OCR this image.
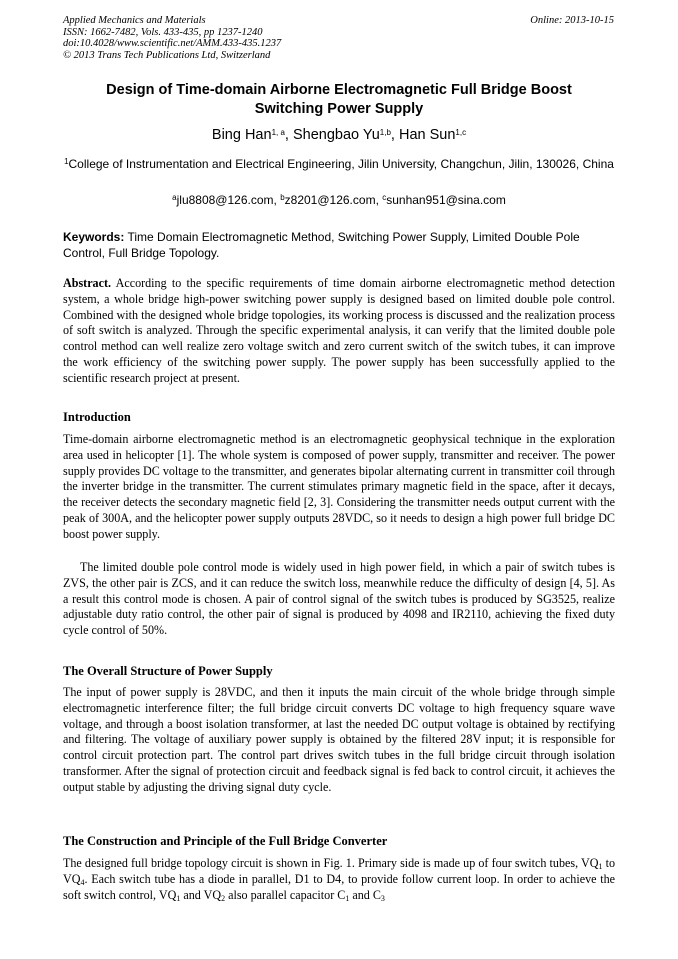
Applied Mechanics and Materials
ISSN: 1662-7482, Vols. 433-435, pp 1237-1240
doi:10.4028/www.scientific.net/AMM.433-435.1237
© 2013 Trans Tech Publications Ltd, Switzerland
Online: 2013-10-15
Design of Time-domain Airborne Electromagnetic Full Bridge Boost
Switching Power Supply
Bing Han$^{1, a}$, Shengbao Yu$^{1,b}$, Han Sun$^{1,c}$
$^1$College of Instrumentation and Electrical Engineering, Jilin University, Changchun, Jilin, 130026, China
$^a$jlu8808@126.com, $^b$z8201@126.com, $^c$sunhan951@sina.com
Keywords: Time Domain Electromagnetic Method, Switching Power Supply, Limited Double Pole Control, Full Bridge Topology.
Abstract. According to the specific requirements of time domain airborne electromagnetic method detection system, a whole bridge high-power switching power supply is designed based on limited double pole control. Combined with the designed whole bridge topologies, its working process is discussed and the realization process of soft switch is analyzed. Through the specific experimental analysis, it can verify that the limited double pole control method can well realize zero voltage switch and zero current switch of the switch tubes, it can improve the work efficiency of the switching power supply. The power supply has been successfully applied to the scientific research project at present.
Introduction
Time-domain airborne electromagnetic method is an electromagnetic geophysical technique in the exploration area used in helicopter [1]. The whole system is composed of power supply, transmitter and receiver. The power supply provides DC voltage to the transmitter, and generates bipolar alternating current in transmitter coil through the inverter bridge in the transmitter. The current stimulates primary magnetic field in the space, after it decays, the receiver detects the secondary magnetic field [2, 3]. Considering the transmitter needs output current with the peak of 300A, and the helicopter power supply outputs 28VDC, so it needs to design a high power full bridge DC boost power supply.
The limited double pole control mode is widely used in high power field, in which a pair of switch tubes is ZVS, the other pair is ZCS, and it can reduce the switch loss, meanwhile reduce the difficulty of design [4, 5]. As a result this control mode is chosen. A pair of control signal of the switch tubes is produced by SG3525, realize adjustable duty ratio control, the other pair of signal is produced by 4098 and IR2110, achieving the fixed duty cycle control of 50%.
The Overall Structure of Power Supply
The input of power supply is 28VDC, and then it inputs the main circuit of the whole bridge through simple electromagnetic interference filter; the full bridge circuit converts DC voltage to high frequency square wave voltage, and through a boost isolation transformer, at last the needed DC output voltage is obtained by rectifying and filtering. The voltage of auxiliary power supply is obtained by the filtered 28V input; it is responsible for control circuit protection part. The control part drives switch tubes in the full bridge circuit through isolation transformer. After the signal of protection circuit and feedback signal is fed back to control circuit, it achieves the output stable by adjusting the driving signal duty cycle.
The Construction and Principle of the Full Bridge Converter
The designed full bridge topology circuit is shown in Fig. 1. Primary side is made up of four switch tubes, $VQ_1$ to $VQ_4$. Each switch tube has a diode in parallel, D1 to D4, to provide follow current loop. In order to achieve the soft switch control, $VQ_1$ and $VQ_2$ also parallel capacitor $C_1$ and $C_3$
